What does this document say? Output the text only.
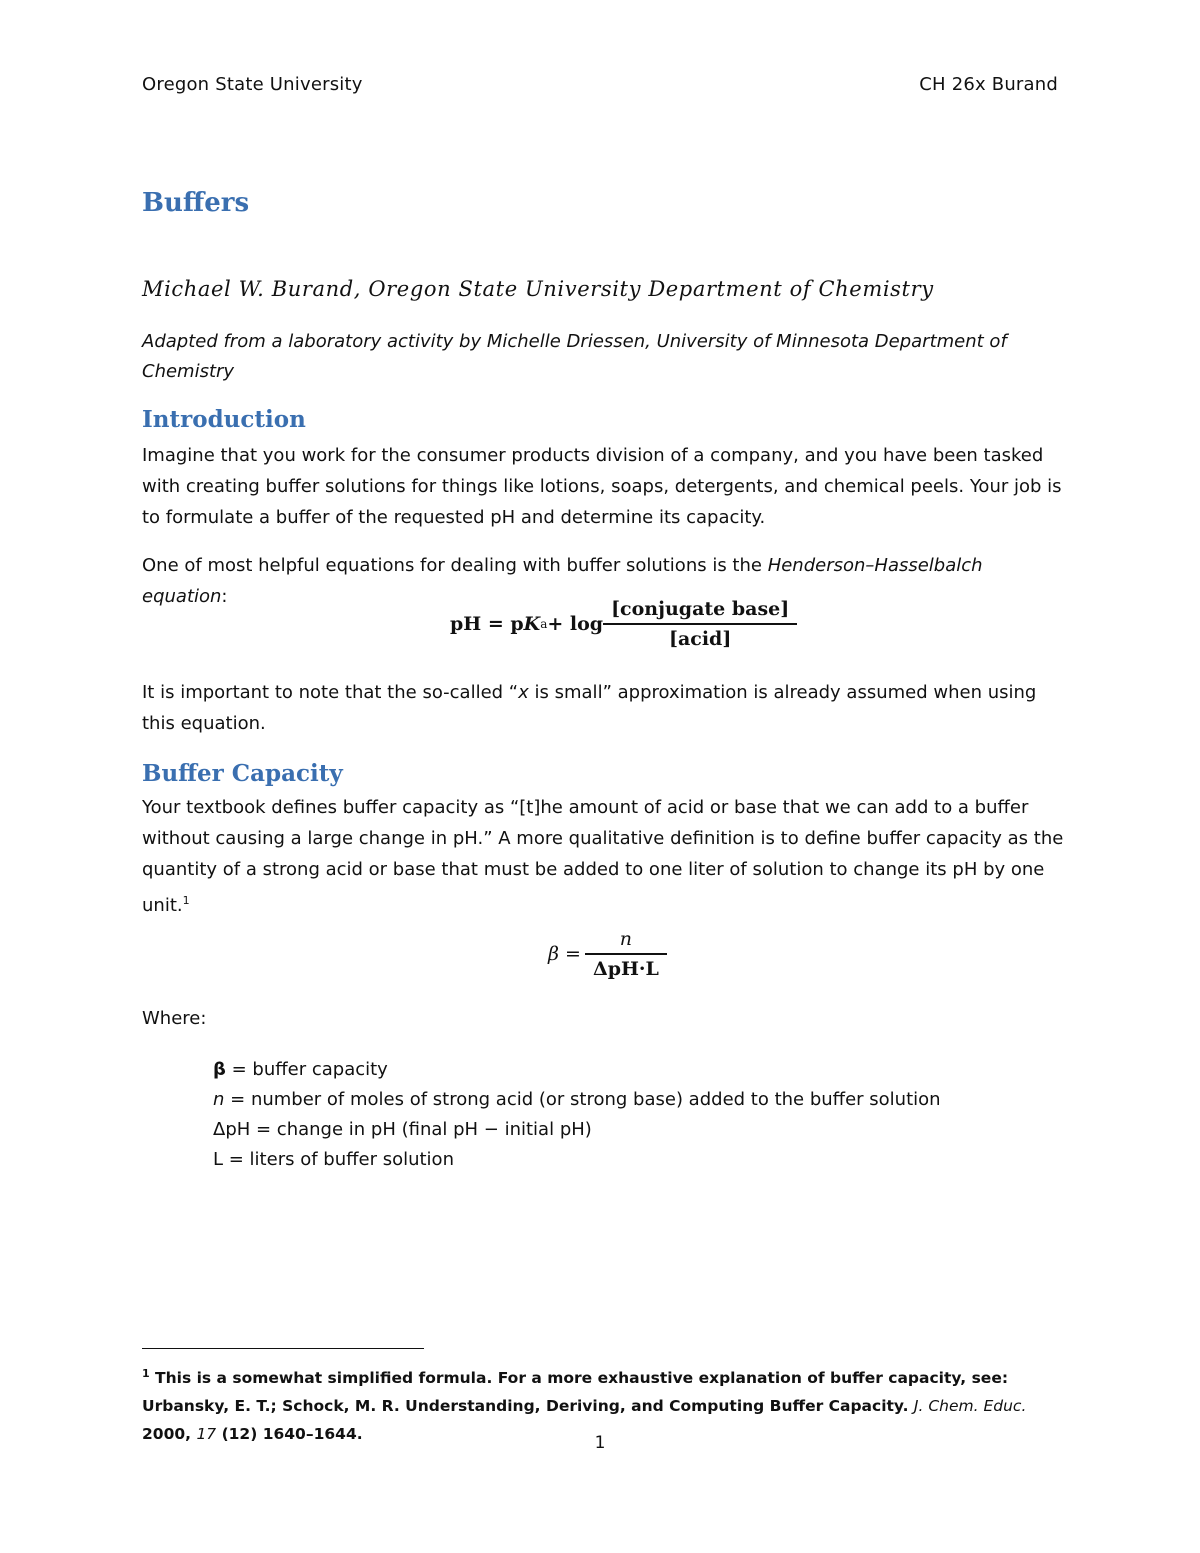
Oregon State University	CH 26x Burand
Buffers
Michael W. Burand, Oregon State University Department of Chemistry
Adapted from a laboratory activity by Michelle Driessen, University of Minnesota Department of Chemistry
Introduction
Imagine that you work for the consumer products division of a company, and you have been tasked with creating buffer solutions for things like lotions, soaps, detergents, and chemical peels. Your job is to formulate a buffer of the requested pH and determine its capacity.
One of most helpful equations for dealing with buffer solutions is the Henderson–Hasselbalch equation:
pH = p K $a + \log \frac{\text{[conjugate base]}}{\text{[acid]}}$
It is important to note that the so-called “x is small” approximation is already assumed when using this equation.
Buffer Capacity
Your textbook defines buffer capacity as “[t]he amount of acid or base that we can add to a buffer without causing a large change in pH.” A more qualitative definition is to define buffer capacity as the quantity of a strong acid or base that must be added to one liter of solution to change its pH by one unit.$^1$
$\beta = \frac{n}{\text{ΔpH·L}}$
Where:
β = buffer capacity
n = number of moles of strong acid (or strong base) added to the buffer solution
ΔpH = change in pH (final pH − initial pH)
L = liters of buffer solution
$^1$ This is a somewhat simplified formula. For a more exhaustive explanation of buffer capacity, see: Urbansky, E. T.; Schock, M. R. Understanding, Deriving, and Computing Buffer Capacity. J. Chem. Educ. 2000, 17 (12) 1640–1644.	1
